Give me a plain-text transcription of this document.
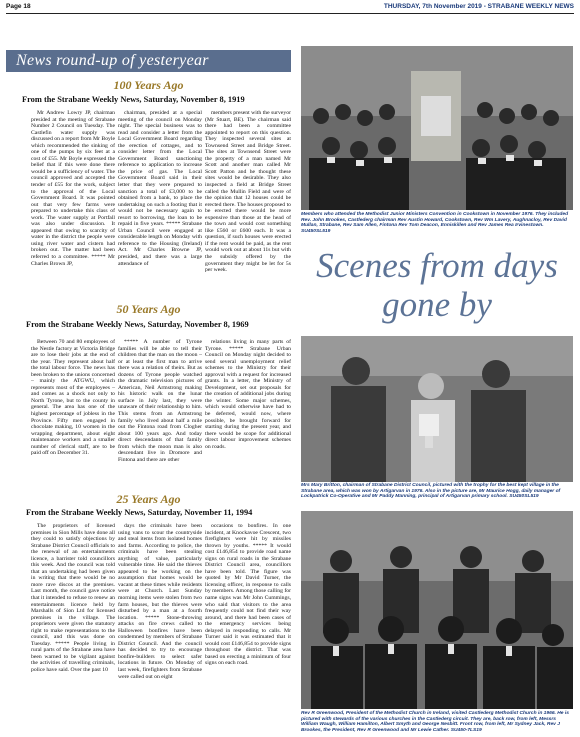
Page 18	THURSDAY, 7th November 2019 - STRABANE WEEKLY NEWS
News round-up of yesteryear
100 Years Ago
From the Strabane Weekly News, Saturday, November 8, 1919

Mr Andrew Lowry JP, chairman presided at the meeting of Strabane Number 2 Council on Tuesday. The Castlefin water supply was discussed on a report from Mr Boyle which recommended the sinking of one of the pumps by six feet at a cost of £55. Mr Boyle expressed the belief that if this were done there would be a sufficiency of water. The council approved and accepted the tender of £55 for the work, subject to the approval of the Local Government Board. It was pointed out that very few farms were prepared to undertake this class of work. The water supply at Portfall was also under discussion. It appeared that owing to scarcity of water in the district the people were using river water and cistern had broken out. The matter had been referred to a committee. ***** Mr Charles Brown JP,

chairman, presided at a special meeting of the council on Monday night. The special business was to read and consider a letter from the Local Government Board regarding the erection of cottages, and to consider letter from the Local Government Board sanctioning reference to application to increase the price of gas. The Local Government Board said in their letter that they were prepared to sanction a total of £3,000 to be obtained from a bank, to place the undertaking on such a footing that it would not be necessary again to resort to borrowing, the loan to be repaid in five years. ***** Strabane Urban Council were engaged at considerable length on Monday with reference to the Housing (Ireland) Act. Mr Charles Browne JP, presided, and there was a large attendance of

members present with the surveyor (Mr Stuart, BE). The chairman said there had been a committee appointed to report on this question. They inspected several sites at Townsend Street and Bridge Street. The sites at Townsend Street were the property of a man named Mr Scott and another man called Mr Scott Patton and he thought these sites would be desirable. They also inspected a field at Bridge Street called the Mullin Field and were of the opinion that 12 houses could be erected there. The houses proposed to be erected there would be more expensive than those at the head of the town and would cost something like £560 or £600 each. It was a question, if such houses were erected if the rent would be paid, as the rent would work out at about 11s but with the subsidy offered by the government they might be let for 5s per week.

50 Years Ago
From the Strabane Weekly News, Saturday, November 8, 1969

Between 70 and 80 employees of the Nestle factory at Victoria Bridge are to lose their jobs at the end of the year. They represent about half the total labour force. The news has been broken to the unions concerned – mainly the ATGWU, which represents most of the employees – and comes as a shock not only to North Tyrone, but to the county in general. The area has one of the highest percentage of jobless in the Province. Fifty men engaged in chocolate making, 10 women in the wrapping department, about eight maintenance workers and a smaller number of clerical staff, are to be paid off on December 31.

***** A number of Tyrone families will be able to tell their children that the man on the moon – or at least the first man to arrive there was a relation of theirs. But as dozens of Tyrone people watched the dramatic television pictures of American, Neil Armstrong making his historic walk on the lunar surface in July last, they were unaware of their relationship to him. This stems from an Armstrong family who lived about half a mile out the Fintona road from Clogher about 100 years ago. And today direct descendants of that family from which the moon man is also descendant live in Dromore and Fintona and there are other

relations living in many parts of Tyrone. ***** Strabane Urban Council on Monday night decided to send several unemployment relief schemes to the Ministry for their approval with a request for increased grants. In a letter, the Ministry of Development, set out proposals for the creation of additional jobs during the winter. Some major schemes, which would otherwise have had to be deferred, would now, where possible, be brought forward for starting during the present year, and there would be scope for additional direct labour improvement schemes on roads.

25 Years Ago
From the Strabane Weekly News, Saturday, November 11, 1994

The proprietors of licensed premises in Sion Mills have done all they could to satisfy objections by Strabane District Council officials to the renewal of an entertainments licence, a barrister told councillors this week. And the council was told that an undertaking had been given in writing that there would be no more rave discos at the premises. Last month, the council gave notice that it intended to refuse to renew an entertainments licence held by Marshalls of Sion Ltd for licensed premises in the village. The proprietors were given the statutory right to make representations to the council, and this was done on Tuesday. ***** People living in rural parts of the Strabane area have been warned to be vigilant against the activities of travelling criminals, police have said. Over the past 10

days the criminals have been using vans to scour the countryside and steal items from isolated homes and farms. According to police, the criminals have been stealing anything of value, particularly vulnerable time. He said the thieves appeared to be working on the assumption that homes would be vacant at these times while residents were at Church. Last Sunday morning items were stolen from two farm houses, but the thieves were disturbed by a man at a fourth location. ***** Stone-throwing attacks on fire crews called to Halloween bonfires have been condemned by members of Strabane District Council. And the council has decided to try to encourage bonfire-builders to select safer locations in future. On Monday of last week, firefighters from Strabane were called out on eight

occasions to bonfires. In one incident, at Knockavoe Crescent, two firefighters were hit by missiles thrown by youths. ***** It would cost £146,854 to provide road name signs on rural roads in the Strabane District Council area, councillors have been told. The figure was quoted by Mr David Turner, the licensing officer, in response to calls by members. Among those calling for name signs was Mr John Cummings, who said that visitors to the area frequently could not find their way around, and there had been cases of the emergency services being delayed in responding to calls. Mr Turner said it was estimated that it would cost £146,854 to provide signs throughout the district. That was based on erecting a minimum of four signs on each road.

Members who attended the Methodist Junior Ministers Convention in Cookstown in November 1976. They included Rev. John Brookes, Castlederg chairman Rev Austin Howard, Cookstown, Rev Wm Lavery, Aughnacloy, Rev David Mullan, Strabane, Rev Sam Allen, Fintona Rev Tom Deacon, Enniskillen and Rev James Rea Irvinestown. SU450SL519
Scenes from days gone by
Mrs Mary Britton, chairman of Strabane District Council, pictured with the trophy for the best kept village in the Strabane area, which was won by Artigarvan in 1976. Also in the picture are, Mr Maurice Hogg, daily manager of Lockpatrick Co-Operative and Mr Paddy Manning, principal of Artigarvan primary school. SU450SL519
Rev R Greenwood, President of the Methodist Church in Ireland, visited Castlederg Methodist Church in 1966. He is pictured with stewards of the various churches in the Castlederg circuit. They are, back row, from left, Messrs William Waugh, William Hamilton, Albert Smyth and George Nesbitt. Front row, from left, Mr Sydney Jack, Rev J Brookes, the President, Rev R Greenwood and Mr Lewie Cather. SU450-7LS19
